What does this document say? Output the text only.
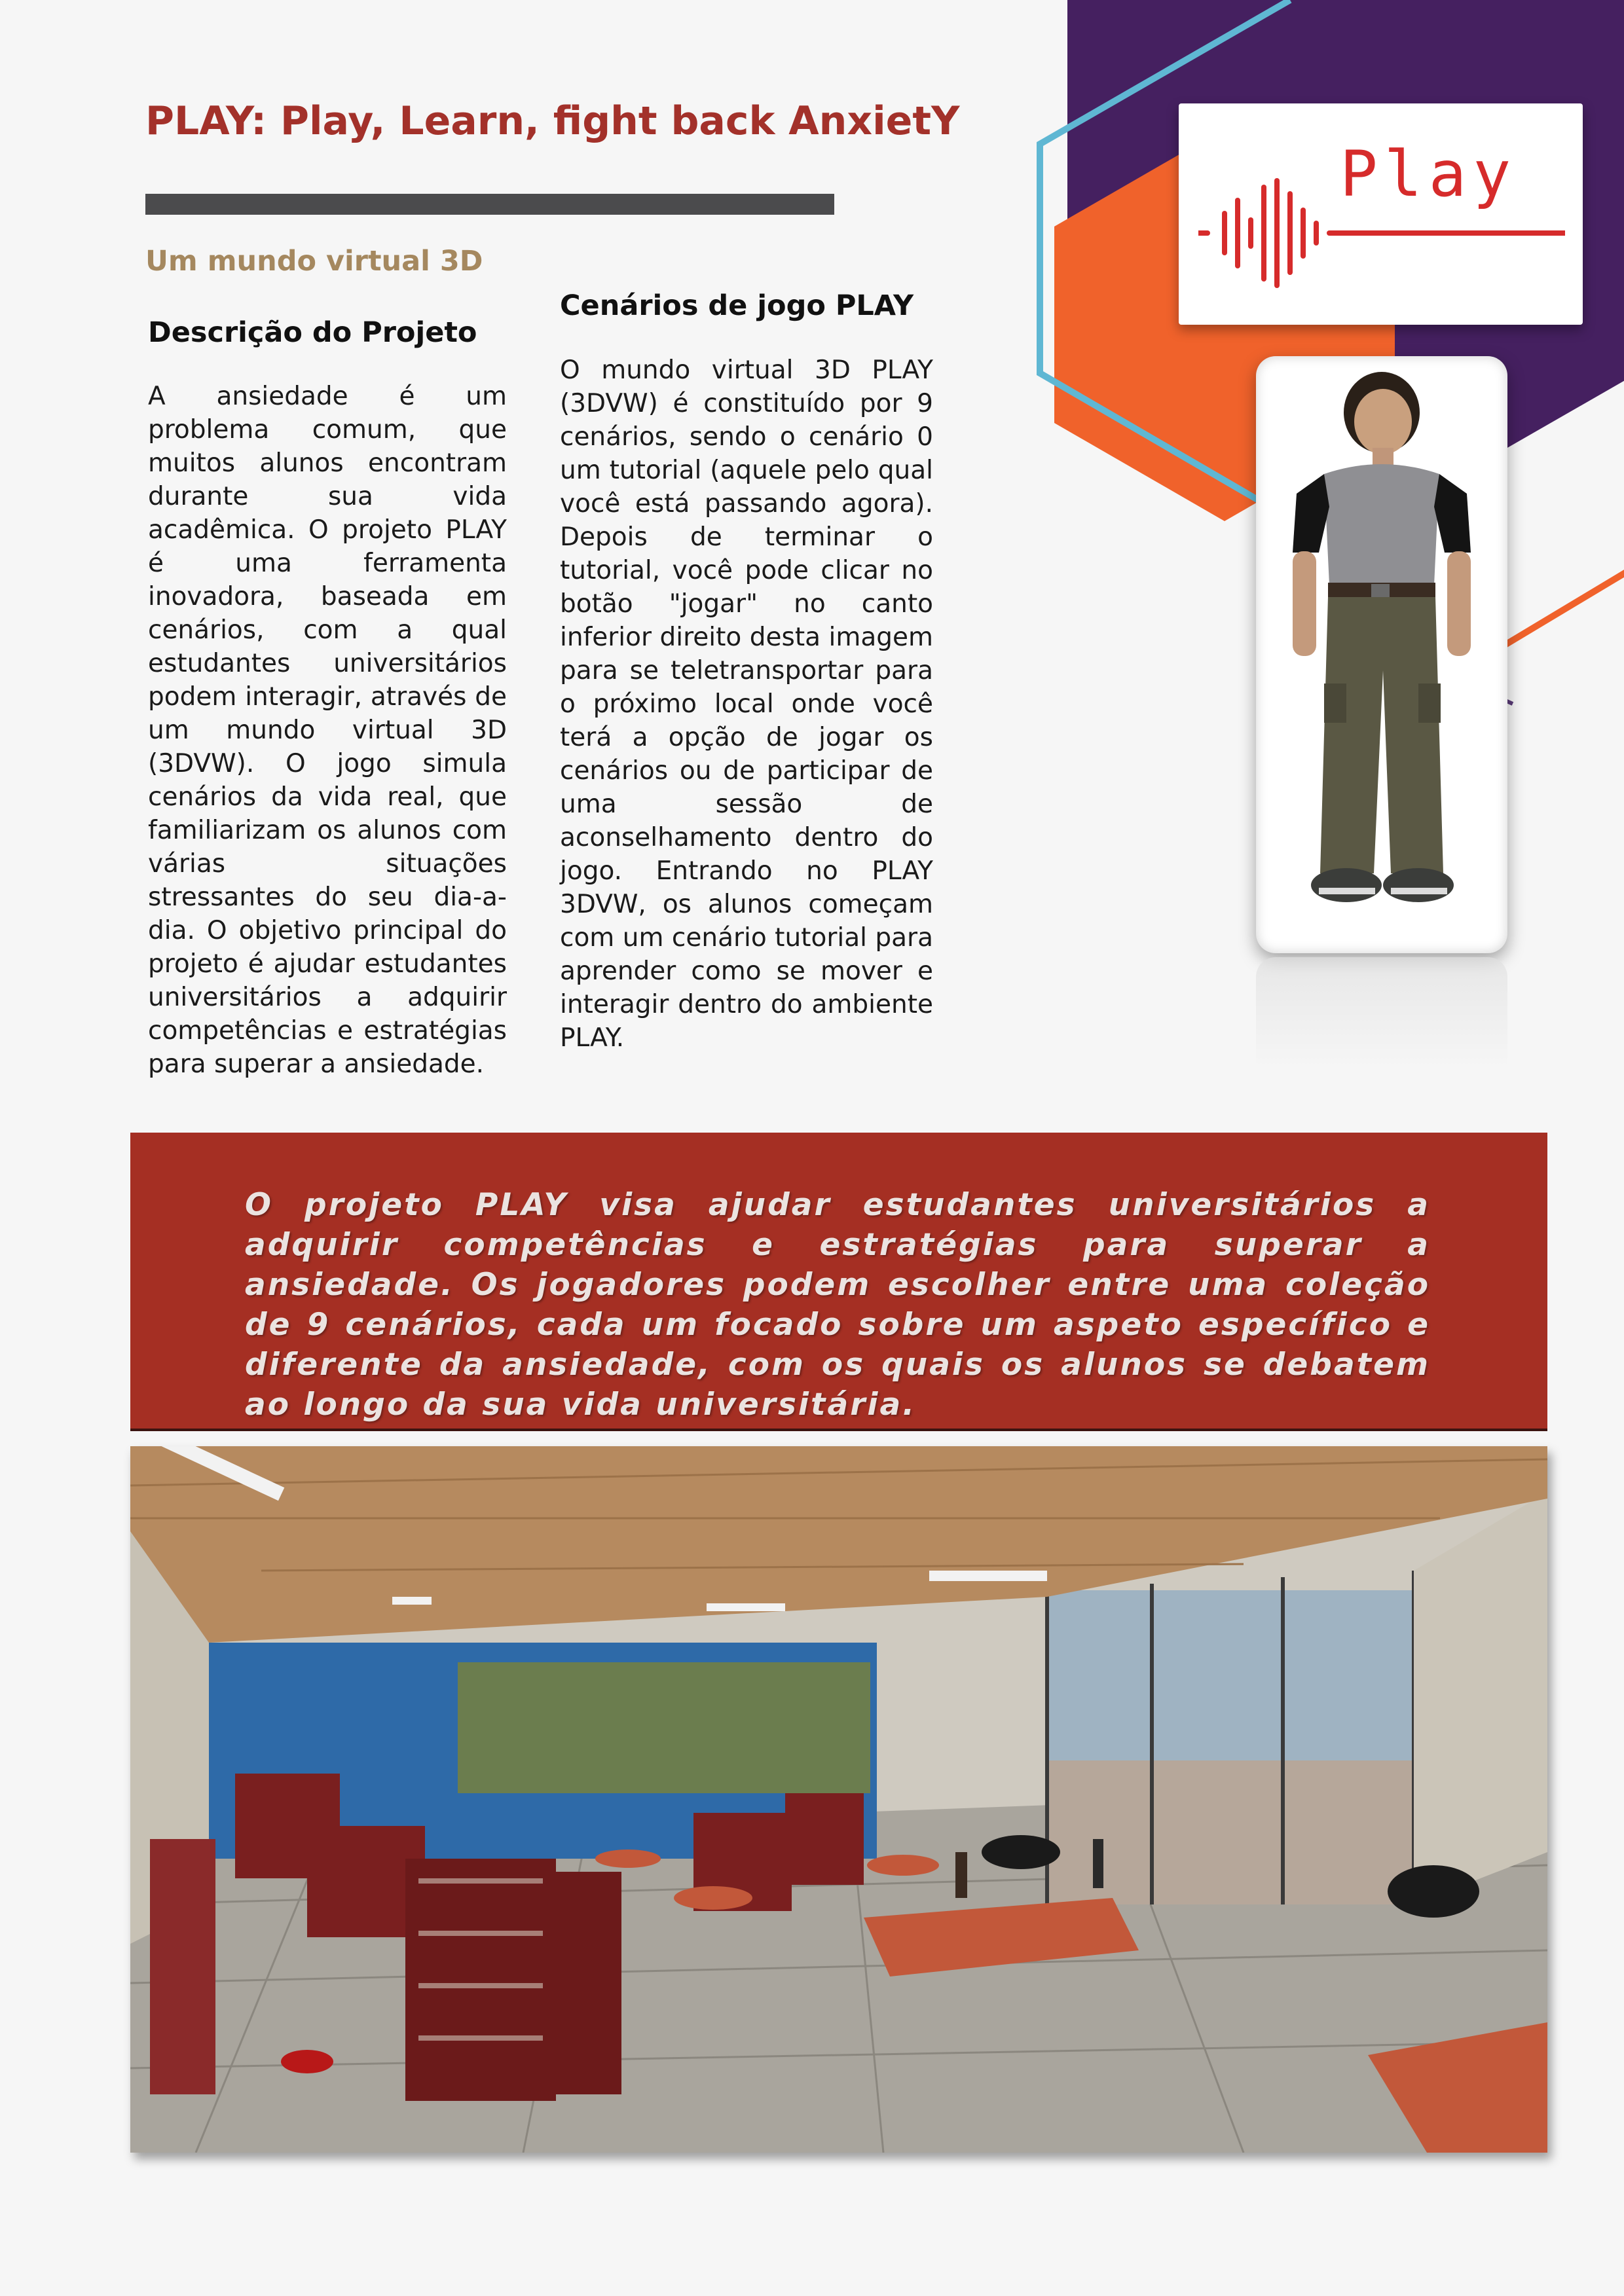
Play
PLAY: Play, Learn, fight back AnxietY
Um mundo virtual 3D
Descrição do Projeto

A ansiedade é um problema comum, que muitos alunos encontram durante sua vida acadêmica. O projeto PLAY é uma ferramenta inovadora, baseada em cenários, com a qual estudantes universitários podem interagir, através de um mundo virtual 3D (3DVW). O jogo simula cenários da vida real, que familiarizam os alunos com várias situações stressantes do seu dia-a-dia. O objetivo principal do projeto é ajudar estudantes universitários a adquirir competências e estratégias para superar a ansiedade.

Cenários de jogo PLAY

O mundo virtual 3D PLAY (3DVW) é constituído por 9 cenários, sendo o cenário 0 um tutorial (aquele pelo qual você está passando agora). Depois de terminar o tutorial, você pode clicar no botão "jogar" no canto inferior direito desta imagem para se teletransportar para o próximo local onde você terá a opção de jogar os cenários ou de participar de uma sessão de aconselhamento dentro do jogo. Entrando no PLAY 3DVW, os alunos começam com um cenário tutorial para aprender como se mover e interagir dentro do ambiente PLAY.

O projeto PLAY visa ajudar estudantes universitários a adquirir competências e estratégias para superar a ansiedade. Os jogadores podem escolher entre uma coleção de 9 cenários, cada um focado sobre um aspeto específico e diferente da ansiedade, com os quais os alunos se debatem ao longo da sua vida universitária.
